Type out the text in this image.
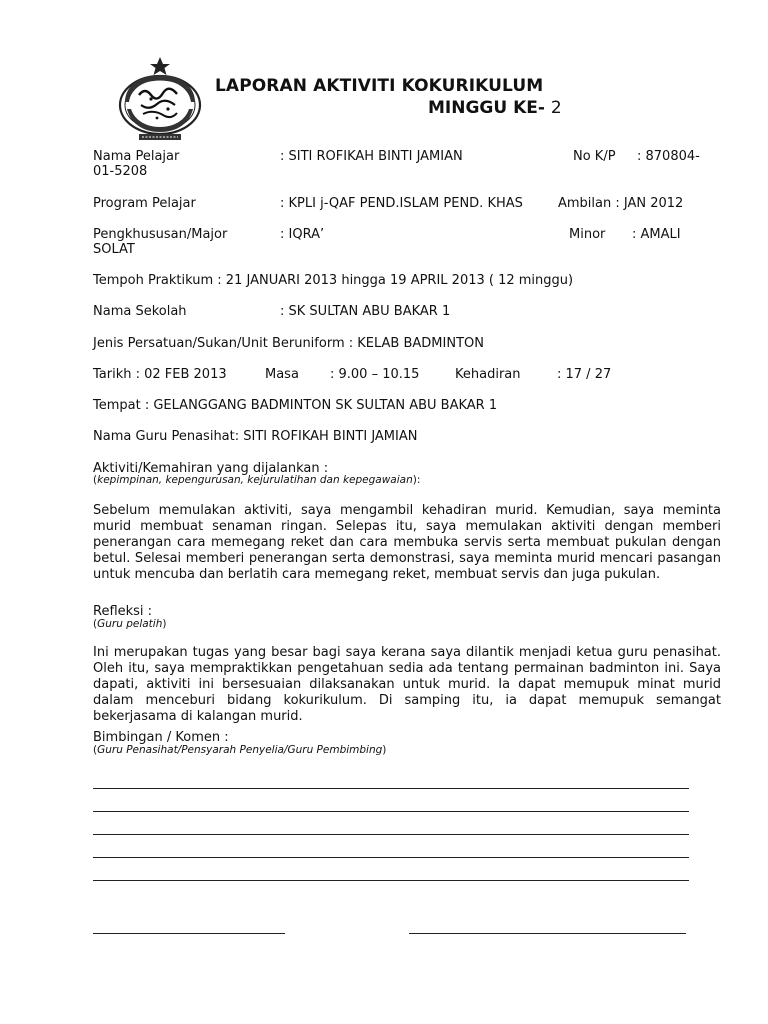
LAPORAN AKTIVITI KOKURIKULUM
MINGGU KE- 2
Nama Pelajar	: SITI ROFIKAH BINTI JAMIAN	No K/P : 870804-
01-5208
Program Pelajar	: KPLI j-QAF PEND.ISLAM PEND. KHAS	Ambilan : JAN 2012
Pengkhususan/Major	: IQRA’	Minor : AMALI
SOLAT
Tempoh Praktikum : 21 JANUARI 2013 hingga 19 APRIL 2013 ( 12 minggu)
Nama Sekolah	: SK SULTAN ABU BAKAR 1
Jenis Persatuan/Sukan/Unit Beruniform : KELAB BADMINTON
Tarikh : 02 FEB 2013	Masa : 9.00 – 10.15	Kehadiran	: 17 / 27
Tempat : GELANGGANG BADMINTON SK SULTAN ABU BAKAR 1
Nama Guru Penasihat: SITI ROFIKAH BINTI JAMIAN
Aktiviti/Kemahiran yang dijalankan :
(kepimpinan, kepengurusan, kejurulatihan dan kepegawaian):
Sebelum memulakan aktiviti, saya mengambil kehadiran murid. Kemudian, saya meminta murid membuat senaman ringan. Selepas itu, saya memulakan aktiviti dengan memberi penerangan cara memegang reket dan cara membuka servis serta membuat pukulan dengan betul. Selesai memberi penerangan serta demonstrasi, saya meminta murid mencari pasangan untuk mencuba dan berlatih cara memegang reket, membuat servis dan juga pukulan.
Refleksi :
(Guru pelatih)
Ini merupakan tugas yang besar bagi saya kerana saya dilantik menjadi ketua guru penasihat. Oleh itu, saya mempraktikkan pengetahuan sedia ada tentang permainan badminton ini. Saya dapati, aktiviti ini bersesuaian dilaksanakan untuk murid. Ia dapat memupuk minat murid dalam menceburi bidang kokurikulum. Di samping itu, ia dapat memupuk semangat bekerjasama di kalangan murid.
Bimbingan / Komen :
(Guru Penasihat/Pensyarah Penyelia/Guru Pembimbing)
